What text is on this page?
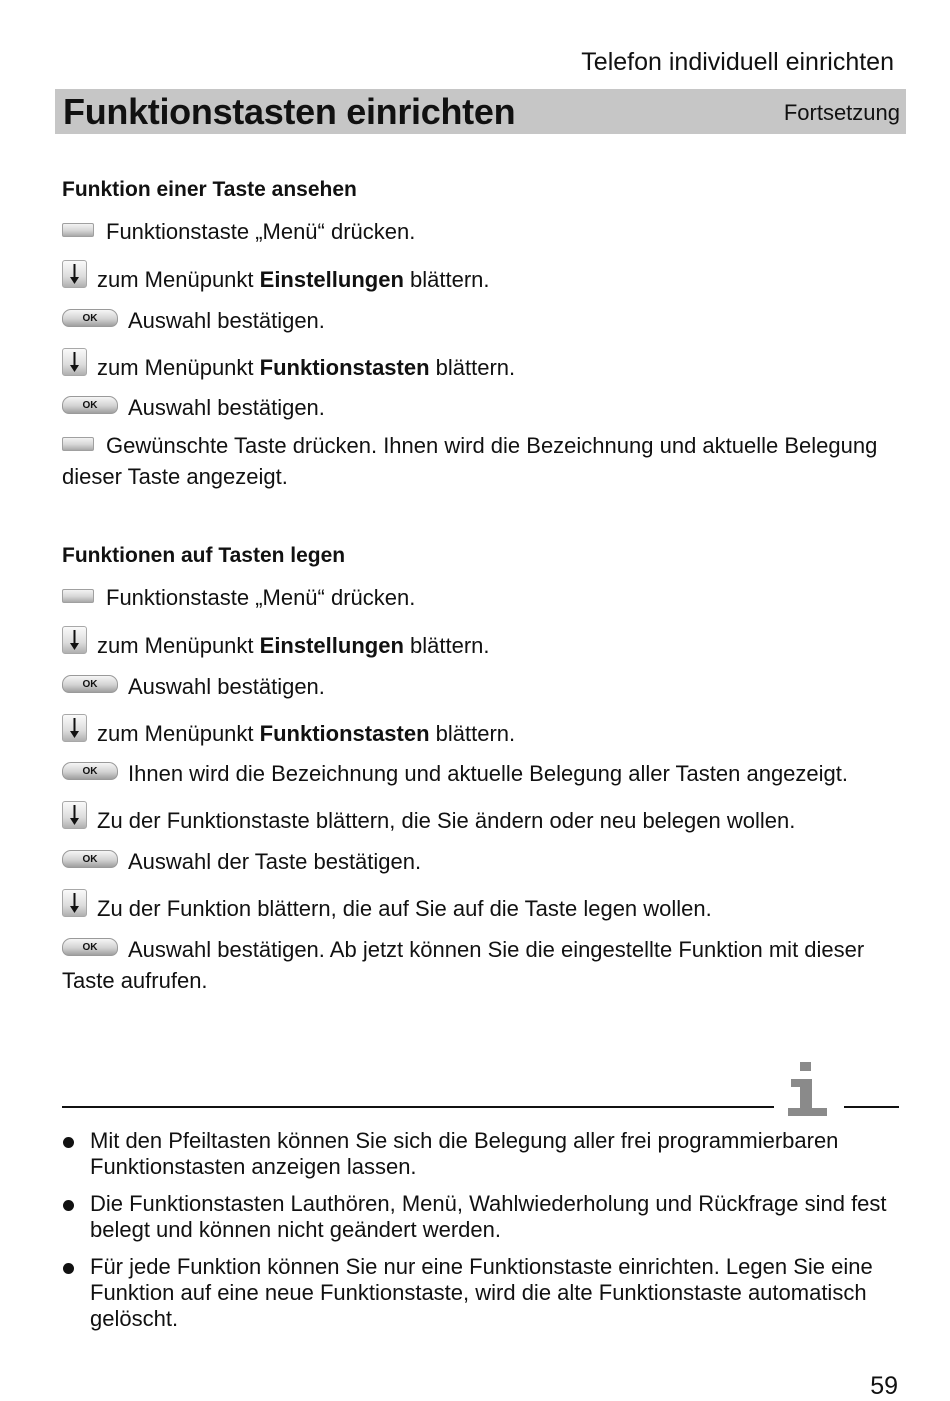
Telefon individuell einrichten
Funktionstasten einrichten	Fortsetzung
Funktion einer Taste ansehen
Funktionstaste „Menü“ drücken.
zum Menüpunkt Einstellungen blättern.
OK Auswahl bestätigen.
zum Menüpunkt Funktionstasten blättern.
OK Auswahl bestätigen.
Gewünschte Taste drücken. Ihnen wird die Bezeichnung und aktuelle Belegung dieser Taste angezeigt.
Funktionen auf Tasten legen
Funktionstaste „Menü“ drücken.
zum Menüpunkt Einstellungen blättern.
OK Auswahl bestätigen.
zum Menüpunkt Funktionstasten blättern.
OK Ihnen wird die Bezeichnung und aktuelle Belegung aller Tasten angezeigt.
Zu der Funktionstaste blättern, die Sie ändern oder neu belegen wollen.
OK Auswahl der Taste bestätigen.
Zu der Funktion blättern, die auf Sie auf die Taste legen wollen.
OK Auswahl bestätigen. Ab jetzt können Sie die eingestellte Funktion mit dieser Taste aufrufen.
Mit den Pfeiltasten können Sie sich die Belegung aller frei programmierbaren Funktionstasten anzeigen lassen.
Die Funktionstasten Lauthören, Menü, Wahlwiederholung und Rückfrage sind fest belegt und können nicht geändert werden.
Für jede Funktion können Sie nur eine Funktionstaste einrichten. Legen Sie eine Funktion auf eine neue Funktionstaste, wird die alte Funktionstaste automatisch gelöscht.
59
